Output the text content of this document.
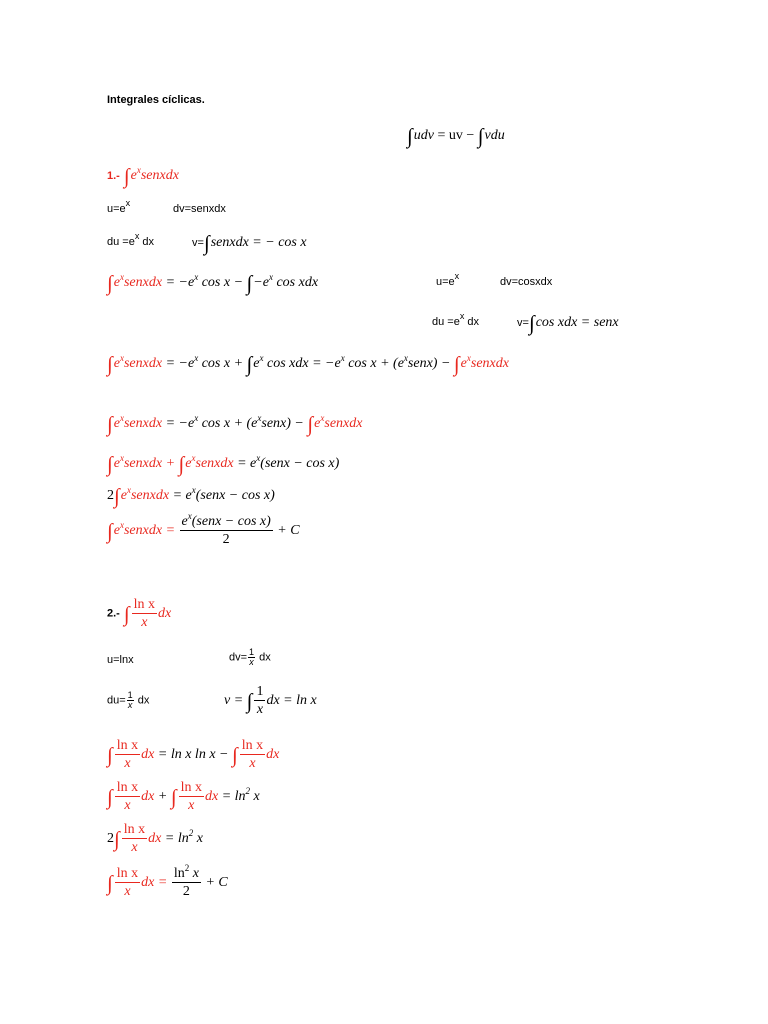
Integrales cíclicas.
∫udv = uv − ∫vdu
1.- $\int e^xsenxdx$
$u=e^x$	dv=senxdx
du $=e^x$ dx	v=∫senxdx = − cos x
$\int e^xsenxdx = -e^x$ $\cos x - \int-e^x$ cos xdx	$u=e^x$	dv=cosxdx
du $=e^x$ dx	v=∫cos xdx = senx
$\int e^xsenxdx = -e^x$ $\cos x + \int e^x$ cos xdx = $-e^x$ $\cos x + (e^xsenx)$ − $\int e^xsenxdx$
$\int e^xsenxdx = -e^x$ $\cos x + (e^xsenx)$ − $\int e^xsenxdx$
$\int e^xsenxdx$ + $\int e^xsenxdx$ = $e^x(senx - \cos x)$
$2\int e^xsenxdx$ = $e^x(senx - \cos x)$
$\int e^xsenxdx = \frac{e^x(senx - \cos x)}{2} + C$
2.- ∫ $\frac{\text{ln x}}{x}$ dx
u=lnx	$dv= \frac{1}{x}$ dx
$du= \frac{1}{x}$ dx	v = ∫ $\frac{1}{x}$ dx = ln x
∫ $\frac{\text{ln x}}{x}$ dx = ln x ln x − ∫ $\frac{\text{ln x}}{x}$ dx
∫ $\frac{\text{ln x}}{x}$ dx + ∫ $\frac{\text{ln x}}{x}$ dx = $\ln^2 x$
$2\int \frac{\text{ln x}}{x}$ dx = $\ln^2 x$
∫ $\frac{\text{ln x}}{x}$ dx = $\frac{\ln^2 x}{2} + C$
